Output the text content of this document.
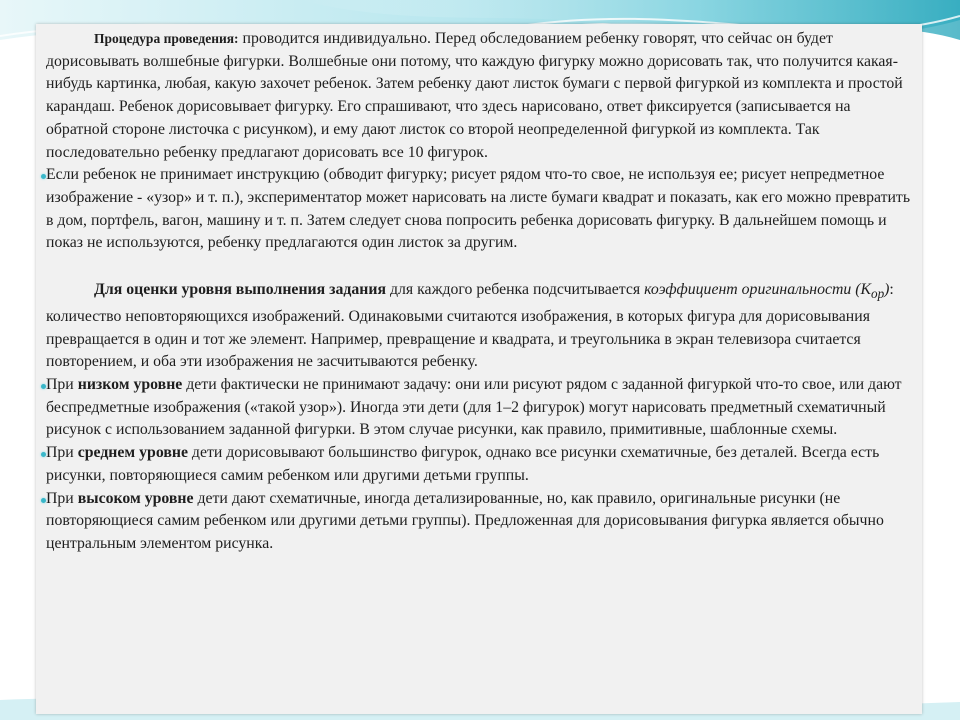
Процедура проведения: проводится индивидуально. Перед обследованием ребенку говорят, что сейчас он будет дорисовывать волшебные фигурки. Волшебные они потому, что каждую фигурку можно дорисовать так, что получится какая-нибудь картинка, любая, какую захочет ребенок. Затем ребенку дают листок бумаги с первой фигуркой из комплекта и простой карандаш. Ребенок дорисовывает фигурку. Его спрашивают, что здесь нарисовано, ответ фиксируется (записывается на обратной стороне листочка с рисунком), и ему дают листок со второй неопределенной фигуркой из комплекта. Так последовательно ребенку предлагают дорисовать все 10 фигурок.

Если ребенок не принимает инструкцию (обводит фигурку; рисует рядом что-то свое, не используя ее; рисует непредметное изображение - «узор» и т. п.), экспериментатор может нарисовать на листе бумаги квадрат и показать, как его можно превратить в дом, портфель, вагон, машину и т. п. Затем следует снова попросить ребенка дорисовать фигурку. В дальнейшем помощь и показ не используются, ребенку предлагаются один листок за другим.

Для оценки уровня выполнения задания для каждого ребенка подсчитывается коэффициент оригинальности $(К_{ор})$: количество неповторяющихся изображений. Одинаковыми считаются изображения, в которых фигура для дорисовывания превращается в один и тот же элемент. Например, превращение и квадрата, и треугольника в экран телевизора считается повторением, и оба эти изображения не засчитываются ребенку.

При низком уровне дети фактически не принимают задачу: они или рисуют рядом с заданной фигуркой что-то свое, или дают беспредметные изображения («такой узор»). Иногда эти дети (для 1–2 фигурок) могут нарисовать предметный схематичный рисунок с использованием заданной фигурки. В этом случае рисунки, как правило, примитивные, шаблонные схемы.

При среднем уровне дети дорисовывают большинство фигурок, однако все рисунки схематичные, без деталей. Всегда есть рисунки, повторяющиеся самим ребенком или другими детьми группы.

При высоком уровне дети дают схематичные, иногда детализированные, но, как правило, оригинальные рисунки (не повторяющиеся самим ребенком или другими детьми группы). Предложенная для дорисовывания фигурка является обычно центральным элементом рисунка.
